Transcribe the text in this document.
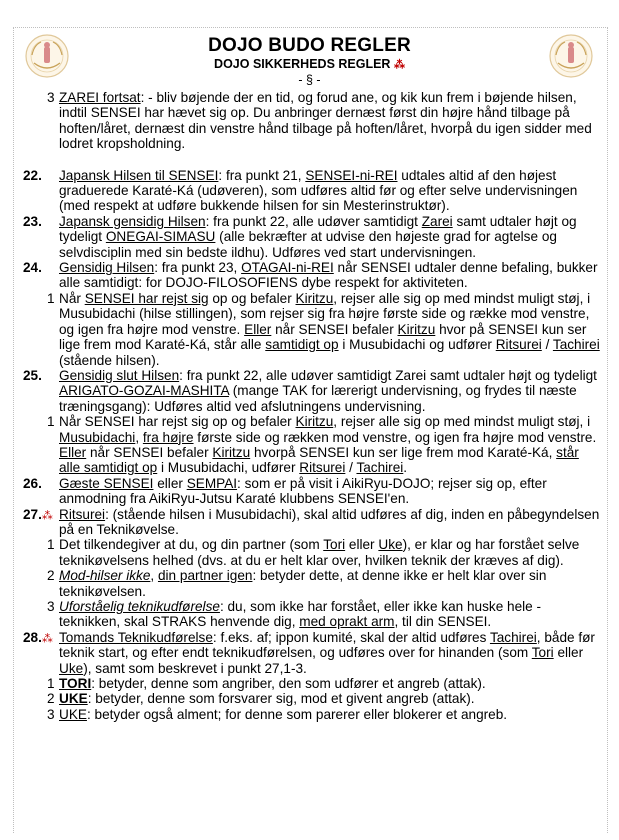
DOJO BUDO REGLER
DOJO SIKKERHEDS REGLER ⁂
- § -
3 ZAREI fortsat: - bliv bøjende der en tid, og forud ane, og kik kun frem i bøjende hilsen, indtil SENSEI har hævet sig op. Du anbringer dernæst først din højre hånd tilbage på hoften/låret, dernæst din venstre hånd tilbage på hoften/låret, hvorpå du igen sidder med lodret kropsholdning.
22. Japansk Hilsen til SENSEI: fra punkt 21, SENSEI-ni-REI udtales altid af den højest graduerede Karaté-Ká (udøveren), som udføres altid før og efter selve undervisningen (med respekt at udføre bukkende hilsen for sin Mesterinstruktør).
23. Japansk gensidig Hilsen: fra punkt 22, alle udøver samtidigt Zarei samt udtaler højt og tydeligt ONEGAI-SIMASU (alle bekræfter at udvise den højeste grad for agtelse og selvdisciplin med sin bedste ildhu). Udføres ved start undervisningen.
24. Gensidig Hilsen: fra punkt 23, OTAGAI-ni-REI når SENSEI udtaler denne befaling, bukker alle samtidigt: for DOJO-FILOSOFIENS dybe respekt for aktiviteten.
1 Når SENSEI har rejst sig op og befaler Kiritzu, rejser alle sig op med mindst muligt støj, i Musubidachi (hilse stillingen), som rejser sig fra højre første side og række mod venstre, og igen fra højre mod venstre. Eller når SENSEI befaler Kiritzu hvor på SENSEI kun ser lige frem mod Karaté-Ká, står alle samtidigt op i Musubidachi og udfører Ritsurei / Tachirei (stående hilsen).
25. Gensidig slut Hilsen: fra punkt 22, alle udøver samtidigt Zarei samt udtaler højt og tydeligt ARIGATO-GOZAI-MASHITA (mange TAK for lærerigt undervisning, og frydes til næste træningsgang): Udføres altid ved afslutningens undervisning.
1 Når SENSEI har rejst sig op og befaler Kiritzu, rejser alle sig op med mindst muligt støj, i Musubidachi, fra højre første side og rækken mod venstre, og igen fra højre mod venstre. Eller når SENSEI befaler Kiritzu hvorpå SENSEI kun ser lige frem mod Karaté-Ká, står alle samtidigt op i Musubidachi, udfører Ritsurei / Tachirei.
26. Gæste SENSEI eller SEMPAI: som er på visit i AikiRyu-DOJO; rejser sig op, efter anmodning fra AikiRyu-Jutsu Karaté klubbens SENSEI'en.
27.⁂ Ritsurei: (stående hilsen i Musubidachi), skal altid udføres af dig, inden en påbegyndelsen på en Teknikøvelse.
1 Det tilkendegiver at du, og din partner (som Tori eller Uke), er klar og har forstået selve teknikøvelsens helhed (dvs. at du er helt klar over, hvilken teknik der kræves af dig).
2 Mod-hilser ikke, din partner igen: betyder dette, at denne ikke er helt klar over sin teknikøvelsen.
3 Uforståelig teknikudførelse: du, som ikke har forstået, eller ikke kan huske hele - teknikken, skal STRAKS henvende dig, med oprakt arm, til din SENSEI.
28.⁂ Tomands Teknikudførelse: f.eks. af; ippon kumité, skal der altid udføres Tachirei, både før teknik start, og efter endt teknikudførelsen, og udføres over for hinanden (som Tori eller Uke), samt som beskrevet i punkt 27,1-3.
1 TORI: betyder, denne som angriber, den som udfører et angreb (attak).
2 UKE: betyder, denne som forsvarer sig, mod et givent angreb (attak).
3 UKE: betyder også alment; for denne som parerer eller blokerer et angreb.
